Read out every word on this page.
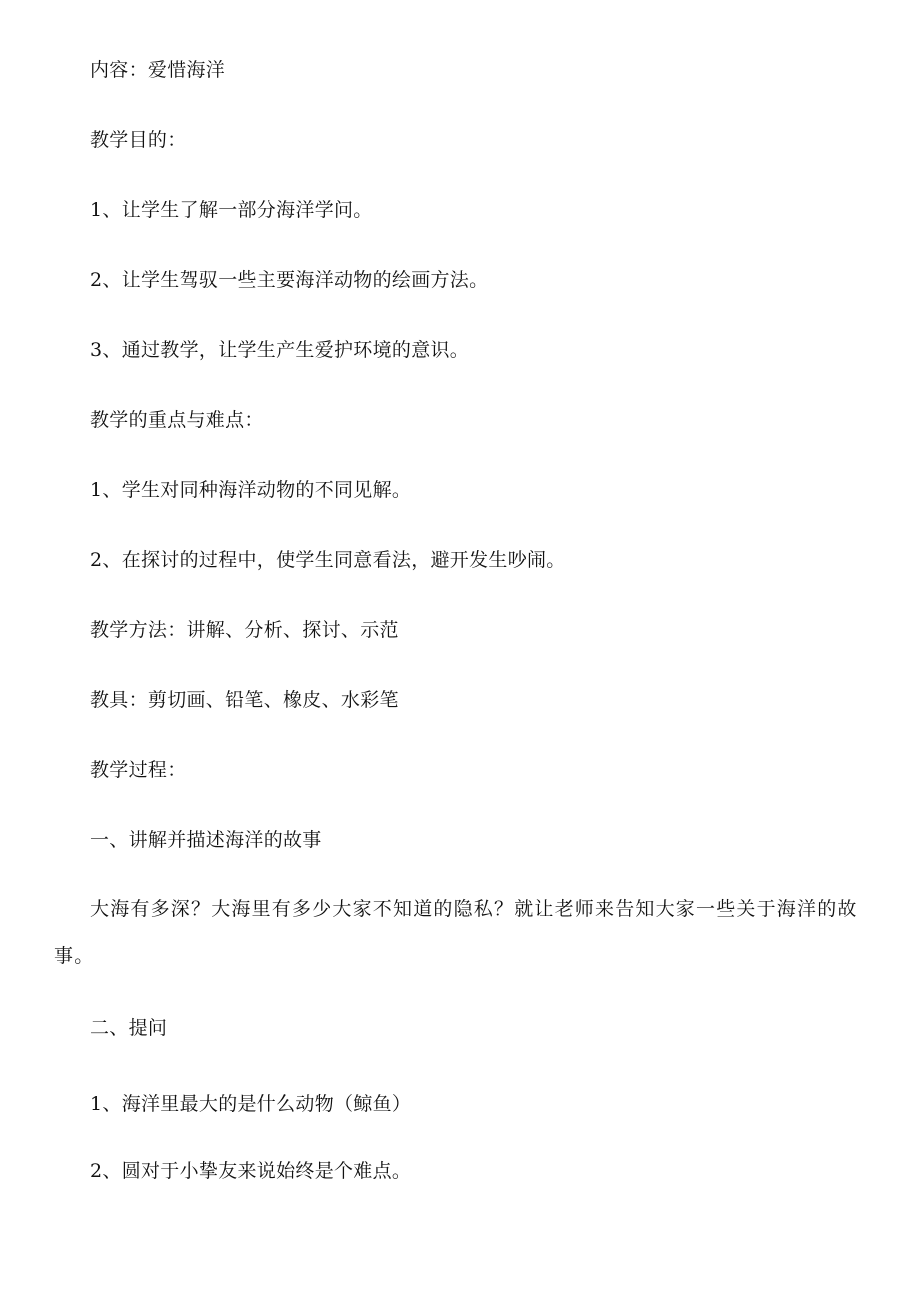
内容：爱惜海洋
教学目的：
1、让学生了解一部分海洋学问。
2、让学生驾驭一些主要海洋动物的绘画方法。
3、通过教学，让学生产生爱护环境的意识。
教学的重点与难点：
1、学生对同种海洋动物的不同见解。
2、在探讨的过程中，使学生同意看法，避开发生吵闹。
教学方法：讲解、分析、探讨、示范
教具：剪切画、铅笔、橡皮、水彩笔
教学过程：
一、讲解并描述海洋的故事
大海有多深？大海里有多少大家不知道的隐私？就让老师来告知大家一些关于海洋的故事。
二、提问
1、海洋里最大的是什么动物（鲸鱼）
2、圆对于小挚友来说始终是个难点。
